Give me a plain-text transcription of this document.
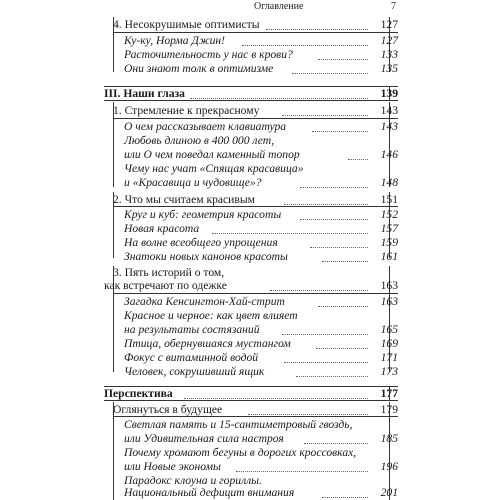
Оглавление	7
4. Несокрушимые оптимисты	127
Ку-ку, Норма Джин!	127
Расточительность у нас в крови?	133
Они знают толк в оптимизме	135
III. Наши глаза	139
1. Стремление к прекрасному	143
О чем рассказывает клавиатура	143
Любовь длиною в 400 000 лет,
или О чем поведал каменный топор	146
Чему нас учат «Спящая красавица»
и «Красавица и чудовище»?	148
2. Что мы считаем красивым	151
Круг и куб: геометрия красоты	152
Новая красота	157
На волне всеобщего упрощения	159
Знатоки новых канонов красоты	161
3. Пять историй о том,
как встречают по одежке	163
Загадка Кенсингтон-Хай-стрит	163
Красное и черное: как цвет влияет
на результаты состязаний	165
Птица, обернувшаяся мустангом	169
Фокус с витаминной водой	171
Человек, сокрушивший ящик	173
Перспектива	177
Оглянуться в будущее	179
Светлая память и 15-сантиметровый гвоздь,
или Удивительная сила настроя	185
Почему хромают бегуны в дорогих кроссовках,
или Новые экономы	196
Парадокс клоуна и гориллы.
Национальный дефицит внимания	201
